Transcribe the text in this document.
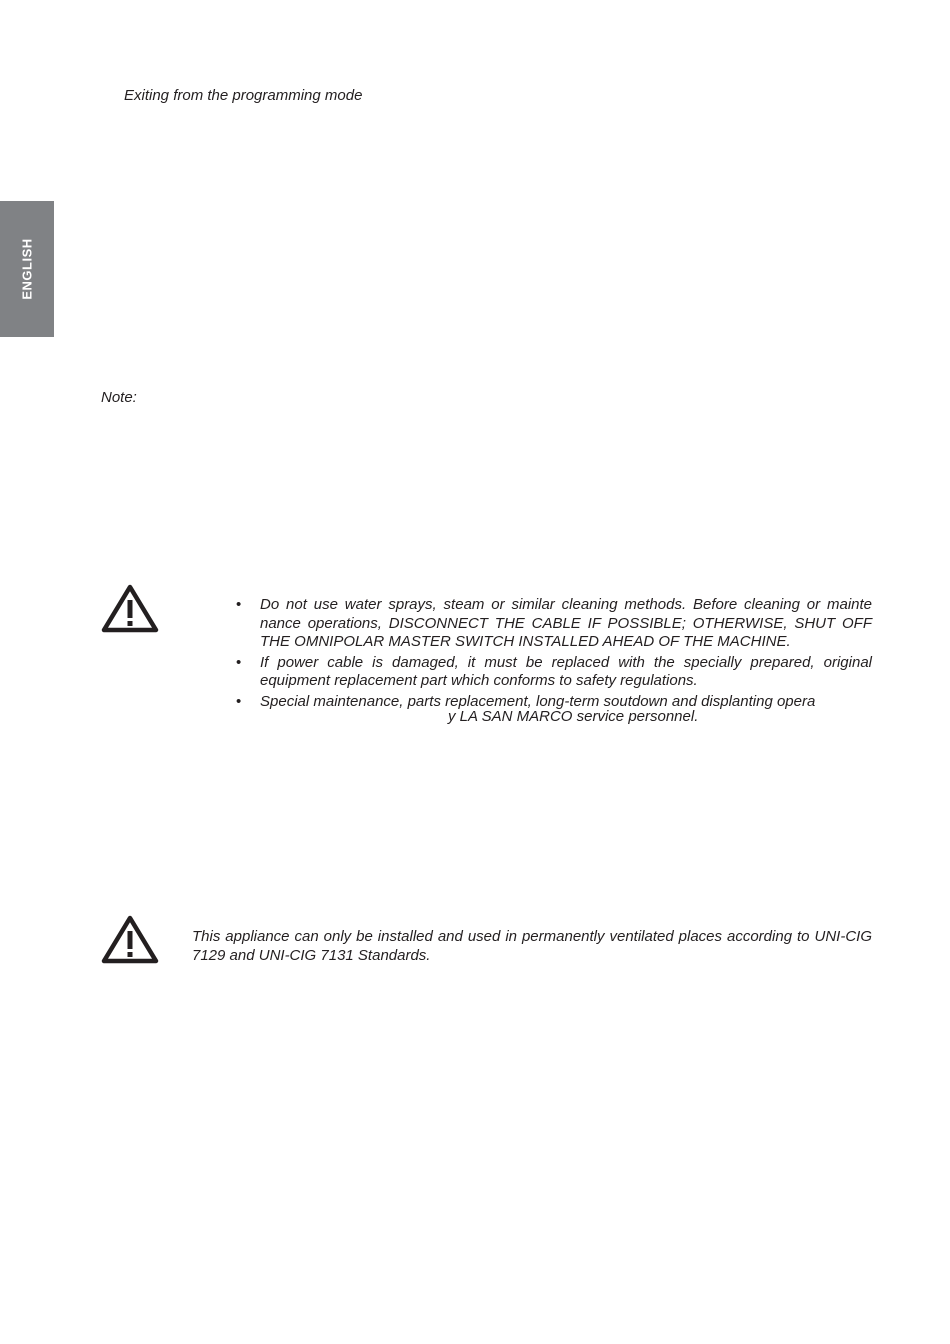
ENGLISH
Exiting from the programming mode
Note:
• Do not use water sprays, steam or similar cleaning methods. Before cleaning or mainte nance operations, DISCONNECT THE CABLE IF POSSIBLE; OTHERWISE, SHUT OFF THE OMNIPOLAR MASTER SWITCH INSTALLED AHEAD OF THE MACHINE.
• If power cable is damaged, it must be replaced with the specially prepared, original equipment replacement part which conforms to safety regulations.
• Special maintenance, parts replacement, long-term soutdown and displanting opera
y LA SAN MARCO service personnel.
This appliance can only be installed and used in permanently ventilated places according to UNI-CIG 7129 and UNI-CIG 7131 Standards.
